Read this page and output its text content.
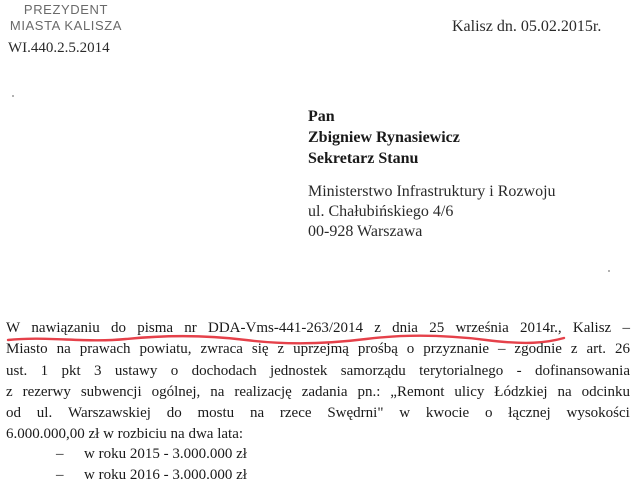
PREZYDENT
MIASTA KALISZA
WI.440.2.5.2014
Kalisz dn. 05.02.2015r.
Pan
Zbigniew Rynasiewicz
Sekretarz Stanu
Ministerstwo Infrastruktury i Rozwoju
ul. Chałubińskiego 4/6
00-928 Warszawa
W nawiązaniu do pisma nr DDA-Vms-441-263/2014 z dnia 25 września 2014r., Kalisz –
Miasto na prawach powiatu, zwraca się z uprzejmą prośbą o przyznanie – zgodnie z art. 26
ust. 1 pkt 3 ustawy o dochodach jednostek samorządu terytorialnego - dofinansowania
z rezerwy subwencji ogólnej, na realizację zadania pn.: „Remont ulicy Łódzkiej na odcinku
od ul. Warszawskiej do mostu na rzece Swędrni" w kwocie o łącznej wysokości
6.000.000,00 zł w rozbiciu na dwa lata:
– w roku 2015 - 3.000.000 zł
– w roku 2016 - 3.000.000 zł
